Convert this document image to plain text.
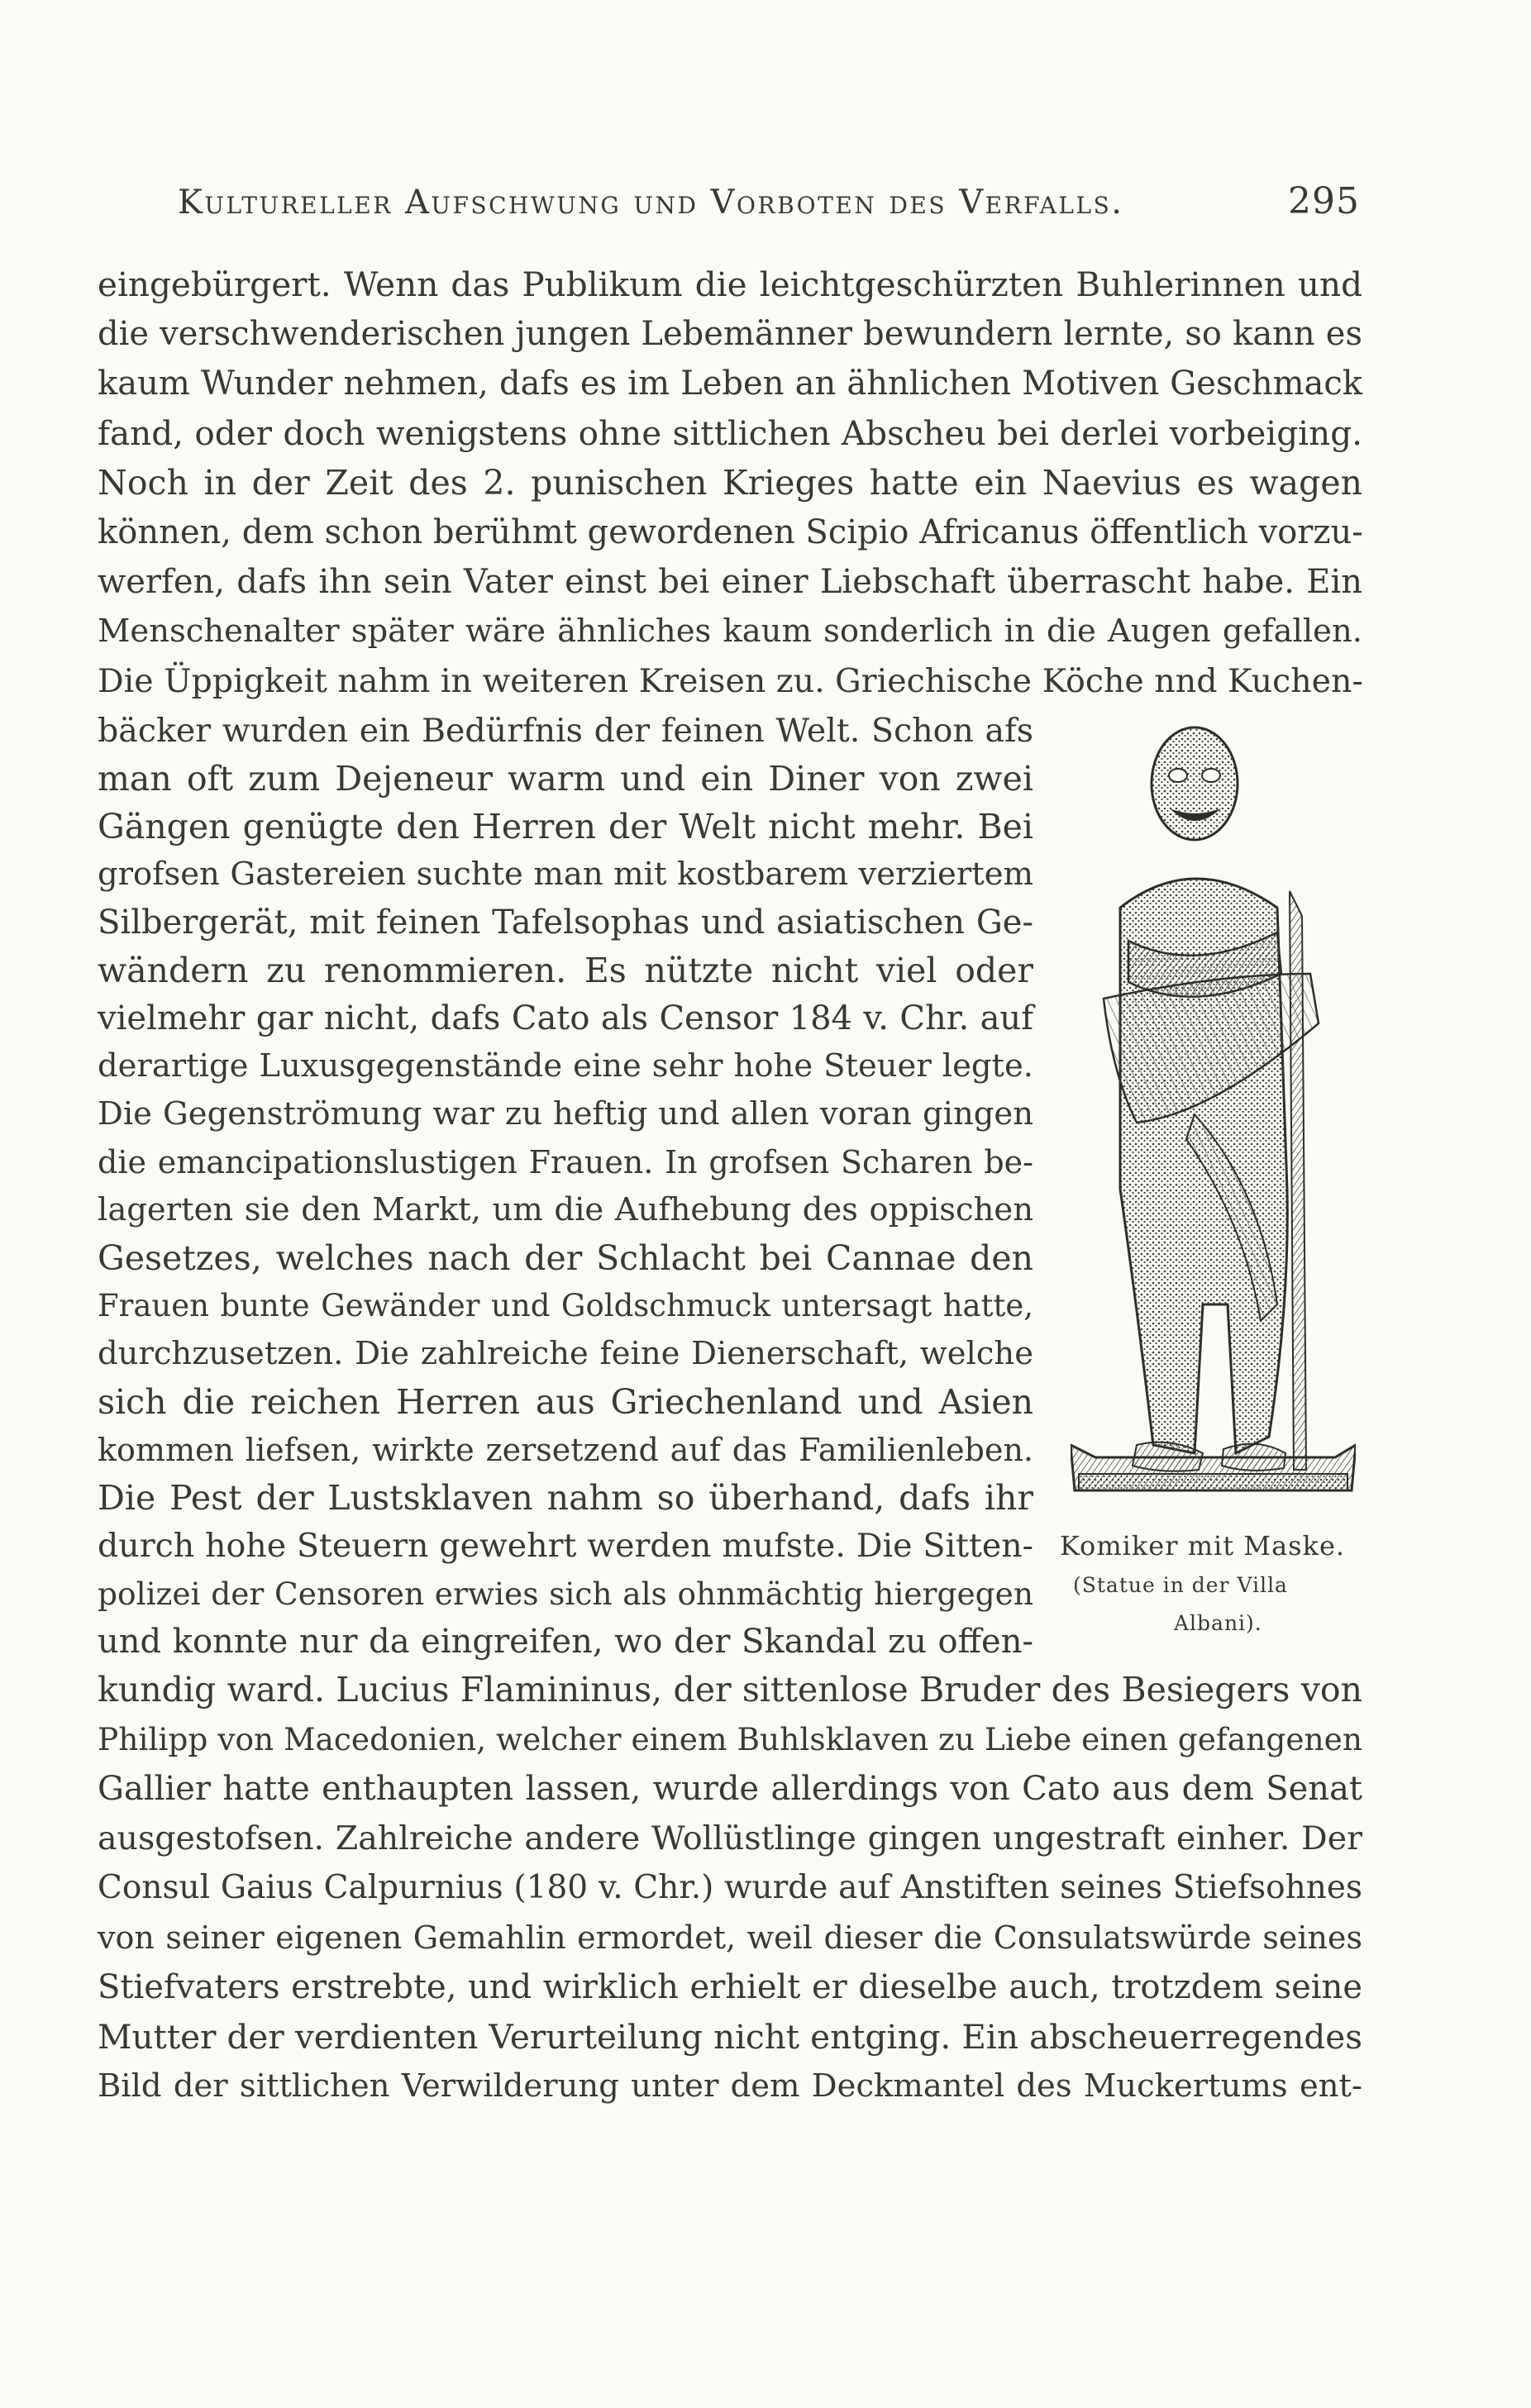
Kultureller Aufschwung und Vorboten des Verfalls.	295
eingebürgert. Wenn das Publikum die leichtgeschürzten Buhlerinnen und
die verschwenderischen jungen Lebemänner bewundern lernte, so kann es
kaum Wunder nehmen, dafs es im Leben an ähnlichen Motiven Geschmack
fand, oder doch wenigstens ohne sittlichen Abscheu bei derlei vorbeiging.
Noch in der Zeit des 2. punischen Krieges hatte ein Naevius es wagen
können, dem schon berühmt gewordenen Scipio Africanus öffentlich vorzu-
werfen, dafs ihn sein Vater einst bei einer Liebschaft überrascht habe. Ein
Menschenalter später wäre ähnliches kaum sonderlich in die Augen gefallen.
Die Üppigkeit nahm in weiteren Kreisen zu. Griechische Köche nnd Kuchen-
bäcker wurden ein Bedürfnis der feinen Welt. Schon afs
man oft zum Dejeneur warm und ein Diner von zwei
Gängen genügte den Herren der Welt nicht mehr. Bei
grofsen Gastereien suchte man mit kostbarem verziertem
Silbergerät, mit feinen Tafelsophas und asiatischen Ge-
wändern zu renommieren. Es nützte nicht viel oder
vielmehr gar nicht, dafs Cato als Censor 184 v. Chr. auf
derartige Luxusgegenstände eine sehr hohe Steuer legte.
Die Gegenströmung war zu heftig und allen voran gingen
die emancipationslustigen Frauen. In grofsen Scharen be-
lagerten sie den Markt, um die Aufhebung des oppischen
Gesetzes, welches nach der Schlacht bei Cannae den
Frauen bunte Gewänder und Goldschmuck untersagt hatte,
durchzusetzen. Die zahlreiche feine Dienerschaft, welche
sich die reichen Herren aus Griechenland und Asien
kommen liefsen, wirkte zersetzend auf das Familienleben.
Die Pest der Lustsklaven nahm so überhand, dafs ihr
durch hohe Steuern gewehrt werden mufste. Die Sitten-
polizei der Censoren erwies sich als ohnmächtig hiergegen
und konnte nur da eingreifen, wo der Skandal zu offen-
kundig ward. Lucius Flamininus, der sittenlose Bruder des Besiegers von
Philipp von Macedonien, welcher einem Buhlsklaven zu Liebe einen gefangenen
Gallier hatte enthaupten lassen, wurde allerdings von Cato aus dem Senat
ausgestofsen. Zahlreiche andere Wollüstlinge gingen ungestraft einher. Der
Consul Gaius Calpurnius (180 v. Chr.) wurde auf Anstiften seines Stiefsohnes
von seiner eigenen Gemahlin ermordet, weil dieser die Consulatswürde seines
Stiefvaters erstrebte, und wirklich erhielt er dieselbe auch, trotzdem seine
Mutter der verdienten Verurteilung nicht entging. Ein abscheuerregendes
Bild der sittlichen Verwilderung unter dem Deckmantel des Muckertums ent-
Komiker mit Maske.
(Statue in der Villa
Albani).
